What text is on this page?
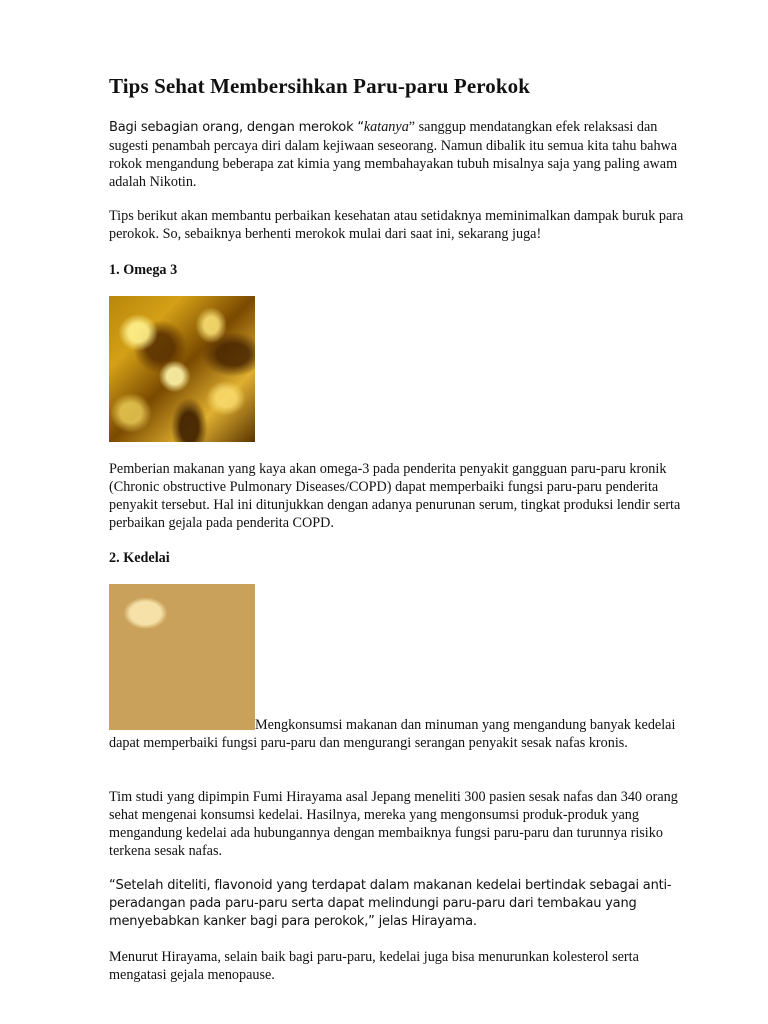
Tips Sehat Membersihkan Paru-paru Perokok

Bagi sebagian orang, dengan merokok “katanya” sanggup mendatangkan efek relaksasi dan sugesti penambah percaya diri dalam kejiwaan seseorang. Namun dibalik itu semua kita tahu bahwa rokok mengandung beberapa zat kimia yang membahayakan tubuh misalnya saja yang paling awam adalah Nikotin.

Tips berikut akan membantu perbaikan kesehatan atau setidaknya meminimalkan dampak buruk para perokok. So, sebaiknya berhenti merokok mulai dari saat ini, sekarang juga!

1. Omega 3

Pemberian makanan yang kaya akan omega-3 pada penderita penyakit gangguan paru-paru kronik (Chronic obstructive Pulmonary Diseases/COPD) dapat memperbaiki fungsi paru-paru penderita penyakit tersebut. Hal ini ditunjukkan dengan adanya penurunan serum, tingkat produksi lendir serta perbaikan gejala pada penderita COPD.

2. Kedelai

Mengkonsumsi makanan dan minuman yang mengandung banyak kedelai dapat memperbaiki fungsi paru-paru dan mengurangi serangan penyakit sesak nafas kronis.

Tim studi yang dipimpin Fumi Hirayama asal Jepang meneliti 300 pasien sesak nafas dan 340 orang sehat mengenai konsumsi kedelai. Hasilnya, mereka yang mengonsumsi produk-produk yang mengandung kedelai ada hubungannya dengan membaiknya fungsi paru-paru dan turunnya risiko terkena sesak nafas.

“Setelah diteliti, flavonoid yang terdapat dalam makanan kedelai bertindak sebagai anti-peradangan pada paru-paru serta dapat melindungi paru-paru dari tembakau yang menyebabkan kanker bagi para perokok,” jelas Hirayama.

Menurut Hirayama, selain baik bagi paru-paru, kedelai juga bisa menurunkan kolesterol serta mengatasi gejala menopause.
